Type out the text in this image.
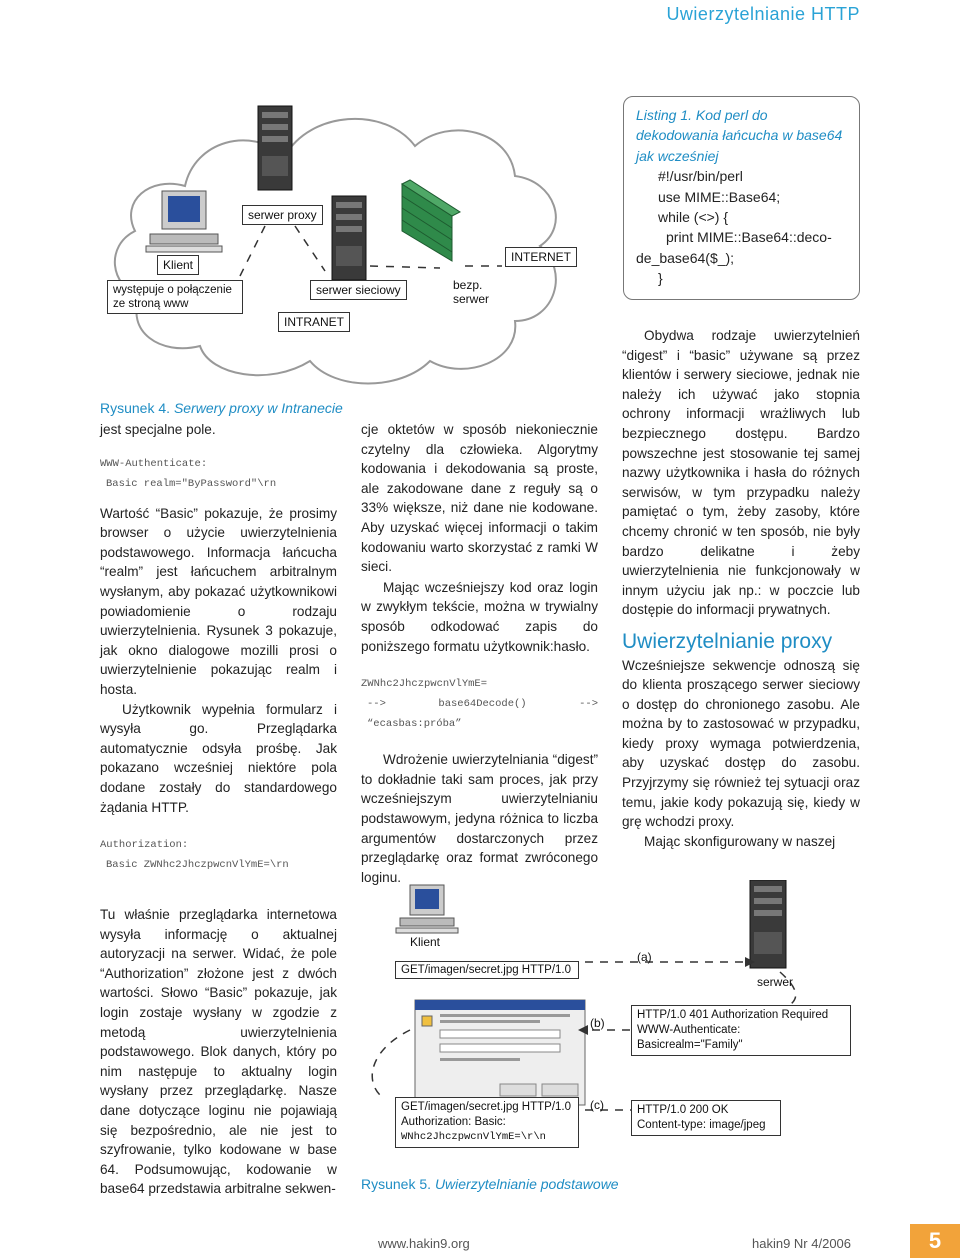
Uwierzytelnianie HTTP
Klient
występuje o połączenie ze stroną www
serwer proxy
serwer sieciowy
INTRANET
bezp. serwer
INTERNET
Rysunek 4. Serwery proxy w Intranecie
Listing 1. Kod perl do dekodowania łańcucha w base64 jak wcześniej
#!/usr/bin/perl
use MIME::Base64;
while (<>) {
print MIME::Base64::deco-
de_base64($_);
}

jest specjalne pole.

WWW-Authenticate:
Basic realm="ByPassword"\rn

Wartość “Basic” pokazuje, że prosimy browser o użycie uwierzytelnienia podstawowego. Informacja łańcucha “realm” jest łańcuchem arbitralnym wysłanym, aby pokazać użytkownikowi powiadomienie o rodzaju uwierzytelnienia. Rysunek 3 pokazuje, jak okno dialogowe mozilli prosi o uwierzytelnienie pokazując realm i hosta.

Użytkownik wypełnia formularz i wysyła go. Przeglądarka automatycznie odsyła prośbę. Jak pokazano wcześniej niektóre pola dodane zostały do standardowego żądania HTTP.

Authorization:
Basic ZWNhc2JhczpwcnVlYmE=\rn

Tu właśnie przeglądarka internetowa wysyła informację o aktualnej autoryzacji na serwer. Widać, że pole “Authorization” złożone jest z dwóch wartości. Słowo “Basic” pokazuje, jak login zostaje wysłany w zgodzie z metodą uwierzytelnienia podstawowego. Blok danych, który po nim następuje to aktualny login wysłany przez przeglądarkę. Nasze dane dotyczące loginu nie pojawiają się bezpośrednio, ale nie jest to szyfrowanie, tylko kodowane w base 64. Podsumowując, kodowanie w base64 przedstawia arbitralne sekwen-

cje oktetów w sposób niekoniecznie czytelny dla człowieka. Algorytmy kodowania i dekodowania są proste, ale zakodowane dane z reguły są o 33% większe, niż dane nie kodowane. Aby uzyskać więcej informacji o takim kodowaniu warto skorzystać z ramki W sieci.

Mając wcześniejszy kod oraz login w zwykłym tekście, można w trywialny sposób odkodować zapis do poniższego formatu użytkownik:hasło.

ZWNhc2JhczpwcnVlYmE=
--> base64Decode() --> “ecasbas:próba”

Wdrożenie uwierzytelniania “digest” to dokładnie taki sam proces, jak przy wcześniejszym uwierzytelnianiu podstawowym, jedyna różnica to liczba argumentów dostarczonych przez przeglądarkę oraz format zwróconego loginu.

Obydwa rodzaje uwierzytelnień “digest” i “basic” używane są przez klientów i serwery sieciowe, jednak nie należy ich używać jako stopnia ochrony informacji wrażliwych lub bezpiecznego dostępu. Bardzo powszechne jest stosowanie tej samej nazwy użytkownika i hasła do różnych serwisów, w tym przypadku należy pamiętać o tym, żeby zasoby, które chcemy chronić w ten sposób, nie były bardzo delikatne i żeby uwierzytelnienia nie funkcjonowały w innym użyciu jak np.: w poczcie lub dostępie do informacji prywatnych.

Uwierzytelnianie proxy

Wcześniejsze sekwencje odnoszą się do klienta proszącego serwer sieciowy o dostęp do chronionego zasobu. Ale można by to zastosować w przypadku, kiedy proxy wymaga potwierdzenia, aby uzyskać dostęp do zasobu. Przyjrzymy się również tej sytuacji oraz temu, jakie kody pokazują się, kiedy w grę wchodzi proxy.

Mając skonfigurowany w naszej

Klient
serwer
GET/imagen/secret.jpg HTTP/1.0
(a)
(b)
(c)
HTTP/1.0 401 Authorization Required
WWW-Authenticate: Basicrealm="Family"
GET/imagen/secret.jpg HTTP/1.0
Authorization: Basic:
WNhc2JhczpwcnVlYmE=\r\n
HTTP/1.0 200 OK
Content-type: image/jpeg
Rysunek 5. Uwierzytelnianie podstawowe
www.hakin9.org	hakin9 Nr 4/2006	5
